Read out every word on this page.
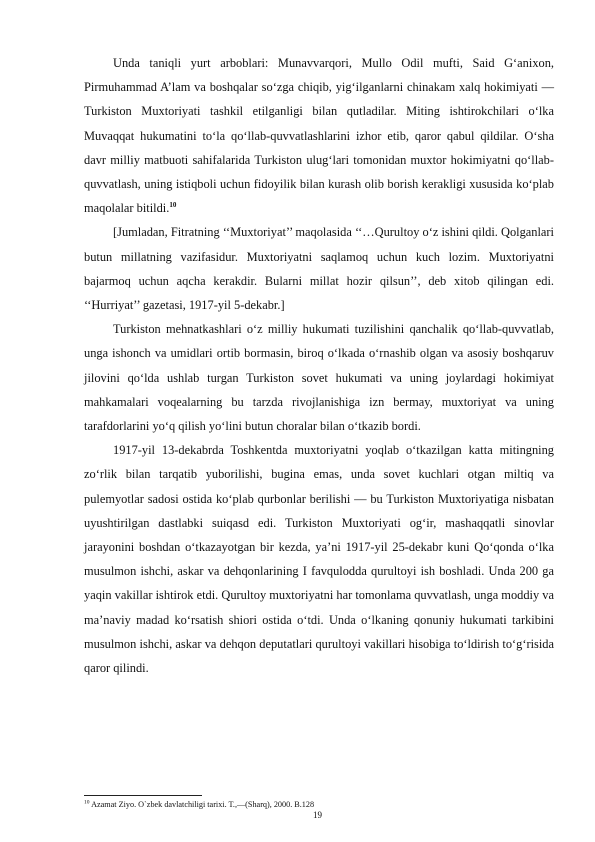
Unda taniqli yurt arboblari: Munavvarqori, Mullo Odil mufti, Said G‘anixon, Pirmuhammad A’lam va boshqalar so‘zga chiqib, yig‘ilganlarni chinakam xalq hokimiyati — Turkiston Muxtoriyati tashkil etilganligi bilan qutladilar. Miting ishtirokchilari o‘lka Muvaqqat hukumatini to‘la qo‘llab-quvvatlashlarini izhor etib, qaror qabul qildilar. O‘sha davr milliy matbuoti sahifalarida Turkiston ulug‘lari tomonidan muxtor hokimiyatni qo‘llab-quvvatlash, uning istiqboli uchun fidoyilik bilan kurash olib borish kerakligi xususida ko‘plab maqolalar bitildi.$^{10}$

[Jumladan, Fitratning ‘‘Muxtoriyat’’ maqolasida ‘‘…Qurultoy o‘z ishini qildi. Qolganlari butun millatning vazifasidur. Muxtoriyatni saqlamoq uchun kuch lozim. Muxtoriyatni bajarmoq uchun aqcha kerakdir. Bularni millat hozir qilsun’’, deb xitob qilingan edi. ‘‘Hurriyat’’ gazetasi, 1917-yil 5-dekabr.]

Turkiston mehnatkashlari o‘z milliy hukumati tuzilishini qanchalik qo‘llab-quvvatlab, unga ishonch va umidlari ortib bormasin, biroq o‘lkada o‘rnashib olgan va asosiy boshqaruv jilovini qo‘lda ushlab turgan Turkiston sovet hukumati va uning joylardagi hokimiyat mahkamalari voqealarning bu tarzda rivojlanishiga izn bermay, muxtoriyat va uning tarafdorlarini yo‘q qilish yo‘lini butun choralar bilan o‘tkazib bordi.

1917-yil 13-dekabrda Toshkentda muxtoriyatni yoqlab o‘tkazilgan katta mitingning zo‘rlik bilan tarqatib yuborilishi, bugina emas, unda sovet kuchlari otgan miltiq va pulemyotlar sadosi ostida ko‘plab qurbonlar berilishi — bu Turkiston Muxtoriyatiga nisbatan uyushtirilgan dastlabki suiqasd edi. Turkiston Muxtoriyati og‘ir, mashaqqatli sinovlar jarayonini boshdan o‘tkazayotgan bir kezda, ya’ni 1917-yil 25-dekabr kuni Qo‘qonda o‘lka musulmon ishchi, askar va dehqonlarining I favqulodda qurultoyi ish boshladi. Unda 200 ga yaqin vakillar ishtirok etdi. Qurultoy muxtoriyatni har tomonlama quvvatlash, unga moddiy va ma’naviy madad ko‘rsatish shiori ostida o‘tdi. Unda o‘lkaning qonuniy hukumati tarkibini musulmon ishchi, askar va dehqon deputatlari qurultoyi vakillari hisobiga to‘ldirish to‘g‘risida qaror qilindi.

$^{10}$ Azamat Ziyo. O`zbek davlatchiligi tarixi. T.,—(Sharq), 2000. B.128
19
